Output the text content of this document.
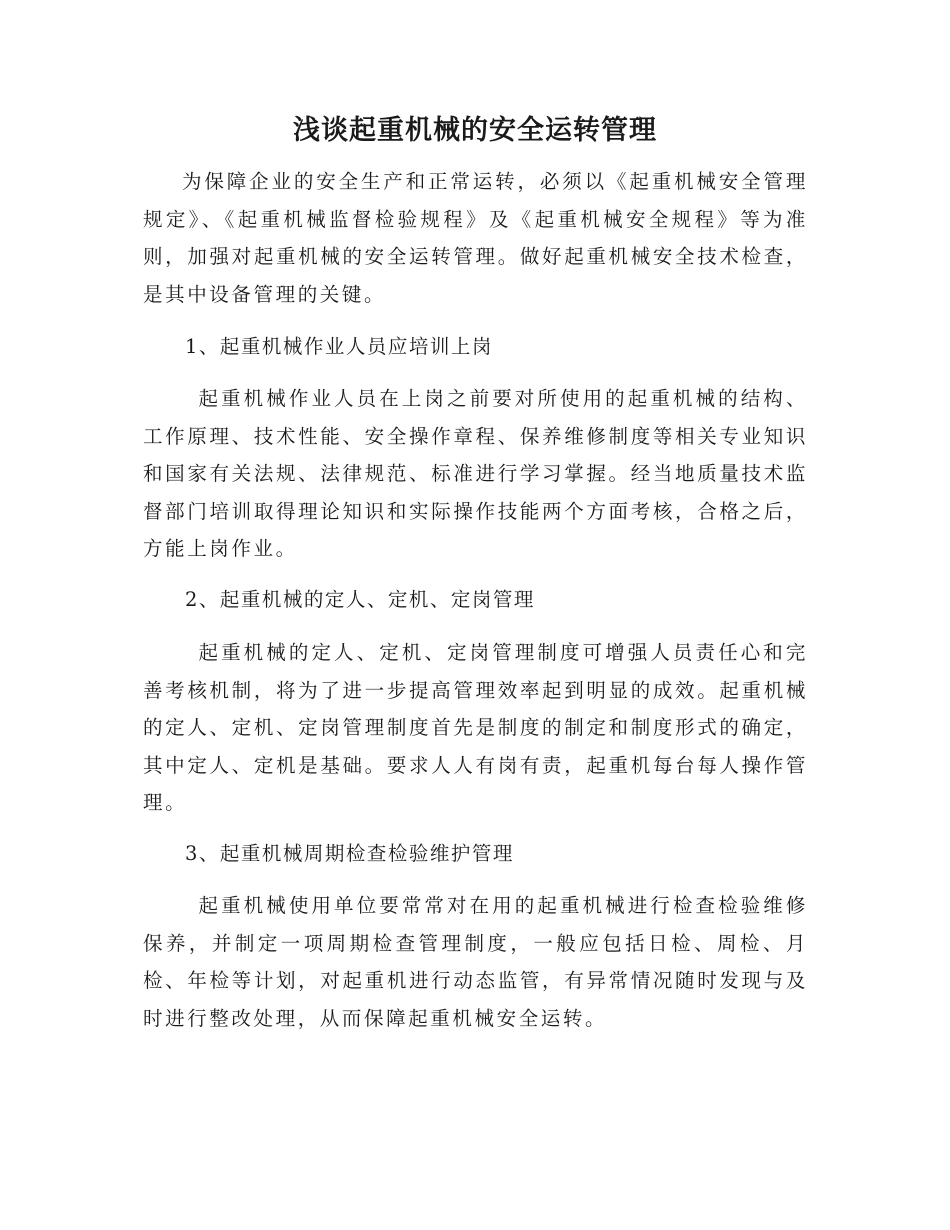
浅谈起重机械的安全运转管理
为保障企业的安全生产和正常运转，必须以《起重机械安全管理规定》、《起重机械监督检验规程》及《起重机械安全规程》等为准则，加强对起重机械的安全运转管理。做好起重机械安全技术检查，是其中设备管理的关键。
1、起重机械作业人员应培训上岗
起重机械作业人员在上岗之前要对所使用的起重机械的结构、工作原理、技术性能、安全操作章程、保养维修制度等相关专业知识和国家有关法规、法律规范、标准进行学习掌握。经当地质量技术监督部门培训取得理论知识和实际操作技能两个方面考核，合格之后，方能上岗作业。
2、起重机械的定人、定机、定岗管理
起重机械的定人、定机、定岗管理制度可增强人员责任心和完善考核机制，将为了进一步提高管理效率起到明显的成效。起重机械的定人、定机、定岗管理制度首先是制度的制定和制度形式的确定，其中定人、定机是基础。要求人人有岗有责，起重机每台每人操作管理。
3、起重机械周期检查检验维护管理
起重机械使用单位要常常对在用的起重机械进行检查检验维修保养，并制定一项周期检查管理制度，一般应包括日检、周检、月检、年检等计划，对起重机进行动态监管，有异常情况随时发现与及时进行整改处理，从而保障起重机械安全运转。
